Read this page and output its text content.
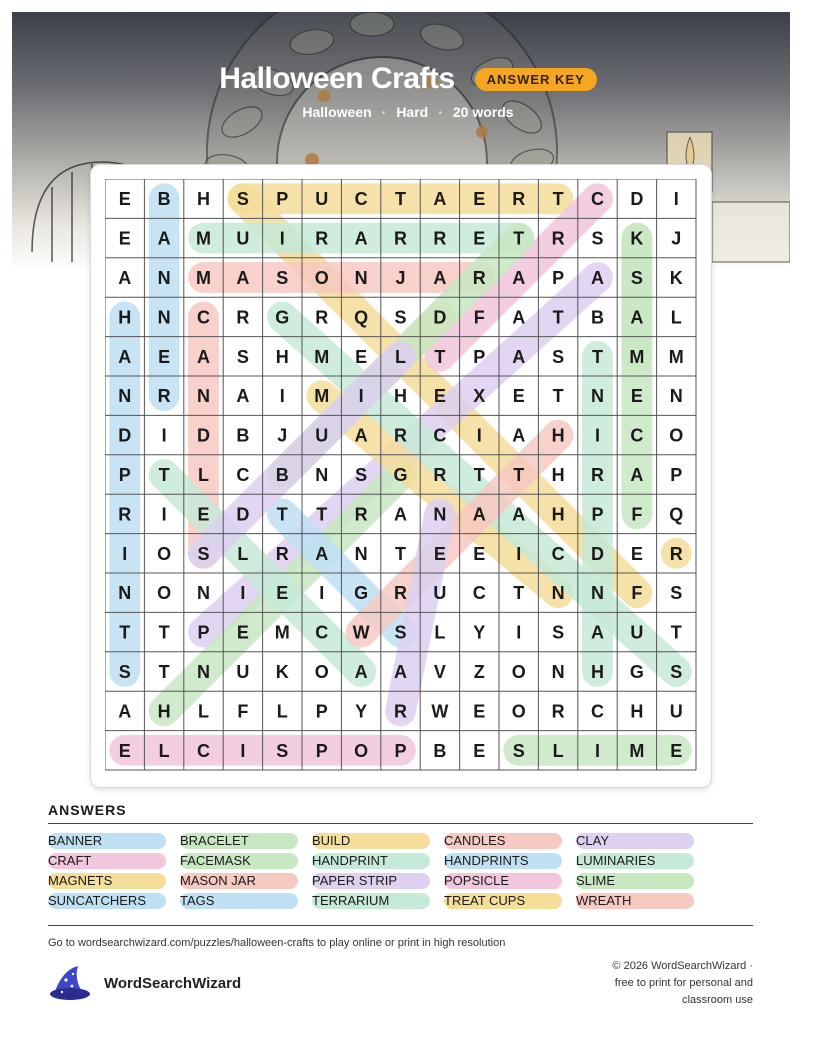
Halloween Crafts	ANSWER KEY
Halloween · Hard · 20 words
E B H S P U C T A E R T C D I
E A M U I R A R R E T R S K J
A N M A S O N J A R A P A S K
H N C R G R Q S D F A T B A L
A E A S H M E L T P A S T M M
N R N A I M I H E X E T N E N
D I D B J U A R C I A H I C O
P T L C B N S G R T T H R A P
R I E D T T R A N A A H P F Q
I O S L R A N T E E I C D E R
N O N I E I G R U C T N N F S
T T P E M C W S L Y I S A U T
S T N U K O A A V Z O N H G S
A H L F L P Y R W E O R C H U
E L C I S P O P B E S L I M E
ANSWERS
BANNER	BRACELET	BUILD	CANDLES	CLAY
CRAFT	FACEMASK	HANDPRINT	HANDPRINTS	LUMINARIES
MAGNETS	MASON JAR	PAPER STRIP	POPSICLE	SLIME
SUNCATCHERS	TAGS	TERRARIUM	TREAT CUPS	WREATH
Go to wordsearchwizard.com/puzzles/halloween-crafts to play online or print in high resolution
WordSearchWizard
© 2026 WordSearchWizard ·
free to print for personal and
classroom use
